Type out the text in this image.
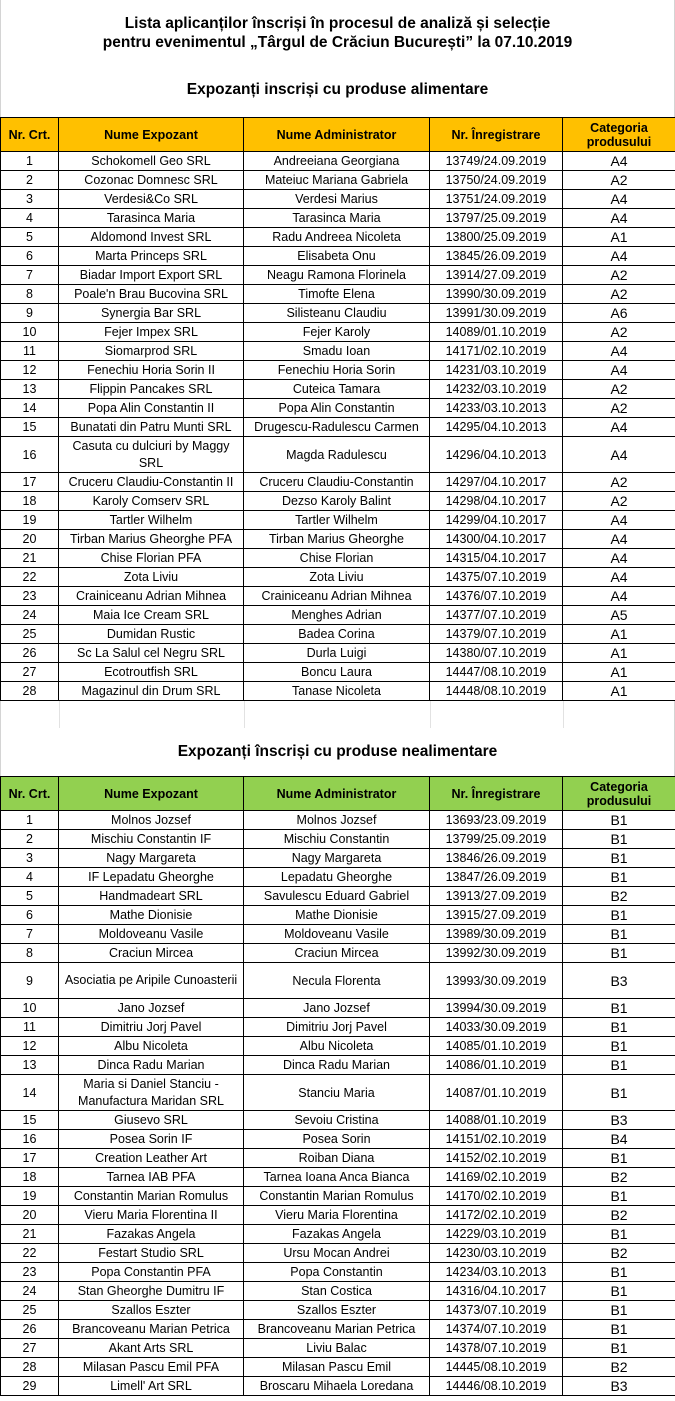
Lista aplicanților înscriși în procesul de analiză și selecție
pentru evenimentul „Târgul de Crăciun București” la 07.10.2019
Expozanți inscriși cu produse alimentare
Nr. Crt.	Nume Expozant	Nume Administrator	Nr. Înregistrare	Categoria produsului
1	Schokomell Geo SRL	Andreeiana Georgiana	13749/24.09.2019	A4
2	Cozonac Domnesc SRL	Mateiuc Mariana Gabriela	13750/24.09.2019	A2
3	Verdesi&Co SRL	Verdesi Marius	13751/24.09.2019	A4
4	Tarasinca Maria	Tarasinca Maria	13797/25.09.2019	A4
5	Aldomond Invest SRL	Radu Andreea Nicoleta	13800/25.09.2019	A1
6	Marta Princeps SRL	Elisabeta Onu	13845/26.09.2019	A4
7	Biadar Import Export SRL	Neagu Ramona Florinela	13914/27.09.2019	A2
8	Poale'n Brau Bucovina SRL	Timofte Elena	13990/30.09.2019	A2
9	Synergia Bar SRL	Silisteanu Claudiu	13991/30.09.2019	A6
10	Fejer Impex SRL	Fejer Karoly	14089/01.10.2019	A2
11	Siomarprod SRL	Smadu Ioan	14171/02.10.2019	A4
12	Fenechiu Horia Sorin II	Fenechiu Horia Sorin	14231/03.10.2019	A4
13	Flippin Pancakes SRL	Cuteica Tamara	14232/03.10.2019	A2
14	Popa Alin Constantin II	Popa Alin Constantin	14233/03.10.2013	A2
15	Bunatati din Patru Munti SRL	Drugescu-Radulescu Carmen	14295/04.10.2013	A4
16	Casuta cu dulciuri by Maggy SRL	Magda Radulescu	14296/04.10.2013	A4
17	Cruceru Claudiu-Constantin II	Cruceru Claudiu-Constantin	14297/04.10.2017	A2
18	Karoly Comserv SRL	Dezso Karoly Balint	14298/04.10.2017	A2
19	Tartler Wilhelm	Tartler Wilhelm	14299/04.10.2017	A4
20	Tirban Marius Gheorghe PFA	Tirban Marius Gheorghe	14300/04.10.2017	A4
21	Chise Florian PFA	Chise Florian	14315/04.10.2017	A4
22	Zota Liviu	Zota Liviu	14375/07.10.2019	A4
23	Crainiceanu Adrian Mihnea	Crainiceanu Adrian Mihnea	14376/07.10.2019	A4
24	Maia Ice Cream SRL	Menghes Adrian	14377/07.10.2019	A5
25	Dumidan Rustic	Badea Corina	14379/07.10.2019	A1
26	Sc La Salul cel Negru SRL	Durla Luigi	14380/07.10.2019	A1
27	Ecotroutfish SRL	Boncu Laura	14447/08.10.2019	A1
28	Magazinul din Drum SRL	Tanase Nicoleta	14448/08.10.2019	A1
Expozanți înscriși cu produse nealimentare
Nr. Crt.	Nume Expozant	Nume Administrator	Nr. Înregistrare	Categoria produsului
1	Molnos Jozsef	Molnos Jozsef	13693/23.09.2019	B1
2	Mischiu Constantin IF	Mischiu Constantin	13799/25.09.2019	B1
3	Nagy Margareta	Nagy Margareta	13846/26.09.2019	B1
4	IF Lepadatu Gheorghe	Lepadatu Gheorghe	13847/26.09.2019	B1
5	Handmadeart SRL	Savulescu Eduard Gabriel	13913/27.09.2019	B2
6	Mathe Dionisie	Mathe Dionisie	13915/27.09.2019	B1
7	Moldoveanu Vasile	Moldoveanu Vasile	13989/30.09.2019	B1
8	Craciun Mircea	Craciun Mircea	13992/30.09.2019	B1
9	Asociatia pe Aripile Cunoasterii	Necula Florenta	13993/30.09.2019	B3
10	Jano Jozsef	Jano Jozsef	13994/30.09.2019	B1
11	Dimitriu Jorj Pavel	Dimitriu Jorj Pavel	14033/30.09.2019	B1
12	Albu Nicoleta	Albu Nicoleta	14085/01.10.2019	B1
13	Dinca Radu Marian	Dinca Radu Marian	14086/01.10.2019	B1
14	Maria si Daniel Stanciu - Manufactura Maridan SRL	Stanciu Maria	14087/01.10.2019	B1
15	Giusevo SRL	Sevoiu Cristina	14088/01.10.2019	B3
16	Posea Sorin IF	Posea Sorin	14151/02.10.2019	B4
17	Creation Leather Art	Roiban Diana	14152/02.10.2019	B1
18	Tarnea IAB PFA	Tarnea Ioana Anca Bianca	14169/02.10.2019	B2
19	Constantin Marian Romulus	Constantin Marian Romulus	14170/02.10.2019	B1
20	Vieru Maria Florentina II	Vieru Maria Florentina	14172/02.10.2019	B2
21	Fazakas Angela	Fazakas Angela	14229/03.10.2019	B1
22	Festart Studio SRL	Ursu Mocan Andrei	14230/03.10.2019	B2
23	Popa Constantin PFA	Popa Constantin	14234/03.10.2013	B1
24	Stan Gheorghe Dumitru IF	Stan Costica	14316/04.10.2017	B1
25	Szallos Eszter	Szallos Eszter	14373/07.10.2019	B1
26	Brancoveanu Marian Petrica	Brancoveanu Marian Petrica	14374/07.10.2019	B1
27	Akant Arts SRL	Liviu Balac	14378/07.10.2019	B1
28	Milasan Pascu Emil PFA	Milasan Pascu Emil	14445/08.10.2019	B2
29	Limell' Art SRL	Broscaru Mihaela Loredana	14446/08.10.2019	B3
